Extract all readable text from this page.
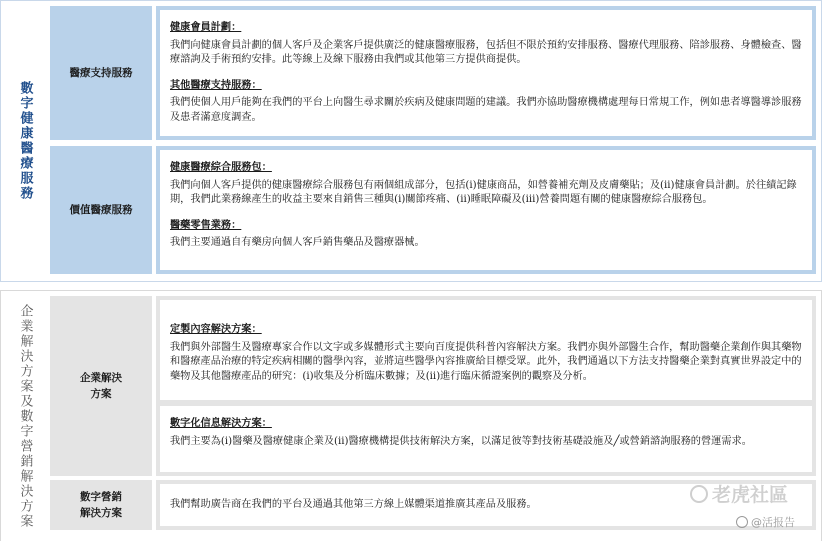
數字健康醫療服務
醫療支持服務
健康會員計劃：
我們向健康會員計劃的個人客戶及企業客戶提供廣泛的健康醫療服務，包括但不限於預約安排服務、醫療代理服務、陪診服務、身體檢查、醫療諮詢及手術預約安排。此等線上及線下服務由我們或其他第三方提供商提供。
其他醫療支持服務：
我們使個人用戶能夠在我們的平台上向醫生尋求關於疾病及健康問題的建議。我們亦協助醫療機構處理每日常規工作，例如患者導醫導診服務及患者滿意度調查。
價值醫療服務
健康醫療綜合服務包：
我們向個人客戶提供的健康醫療綜合服務包有兩個組成部分，包括(i)健康商品，如營養補充劑及皮膚藥貼；及(ii)健康會員計劃。於往績記錄期，我們此業務線產生的收益主要來自銷售三種與(i)關節疼痛、(ii)睡眠障礙及(iii)營養問題有關的健康醫療綜合服務包。
醫藥零售業務：
我們主要通過自有藥房向個人客戶銷售藥品及醫療器械。
企業解決方案及數字營銷解決方案	企業解決
方案
定製內容解決方案：
我們與外部醫生及醫療專家合作以文字或多媒體形式主要向百度提供科普內容解決方案。我們亦與外部醫生合作，幫助醫藥企業創作與其藥物和醫療產品治療的特定疾病相關的醫學內容，並將這些醫學內容推廣給目標受眾。此外，我們通過以下方法支持醫藥企業對真實世界設定中的藥物及其他醫療產品的研究：(i)收集及分析臨床數據；及(ii)進行臨床循證案例的觀察及分析。
數字化信息解決方案：
我們主要為(i)醫藥及醫療健康企業及(ii)醫療機構提供技術解決方案，以滿足彼等對技術基礎設施及╱或營銷諮詢服務的營運需求。
數字營銷
解決方案
我們幫助廣告商在我們的平台及通過其他第三方線上媒體渠道推廣其產品及服務。	老虎社區
@活报告
